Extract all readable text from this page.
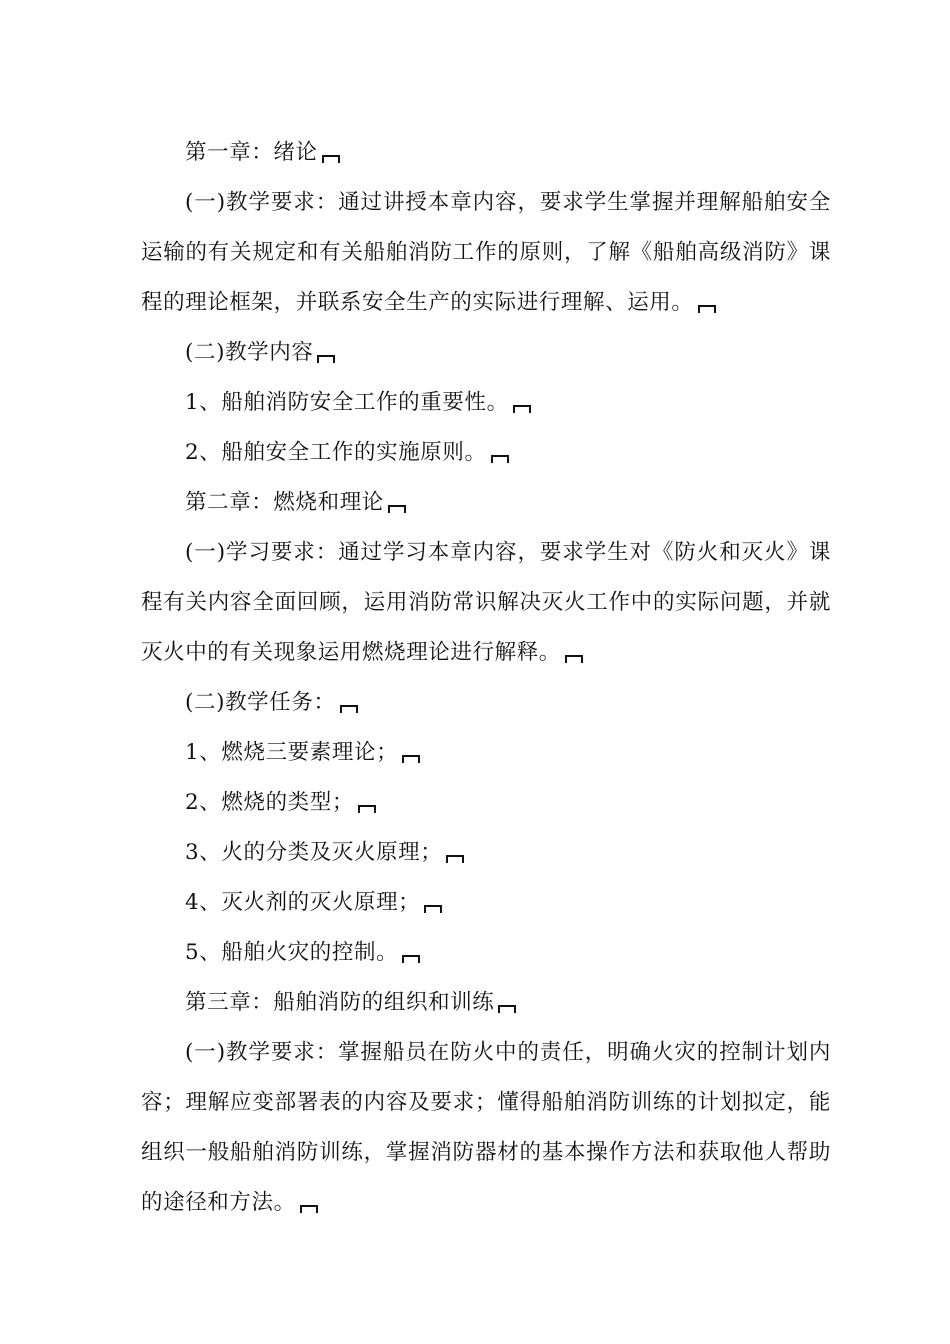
第一章：绪论

(一)教学要求：通过讲授本章内容，要求学生掌握并理解船舶安全运输的有关规定和有关船舶消防工作的原则，了解《船舶高级消防》课程的理论框架，并联系安全生产的实际进行理解、运用。

(二)教学内容

1、船舶消防安全工作的重要性。

2、船舶安全工作的实施原则。

第二章：燃烧和理论

(一)学习要求：通过学习本章内容，要求学生对《防火和灭火》课程有关内容全面回顾，运用消防常识解决灭火工作中的实际问题，并就灭火中的有关现象运用燃烧理论进行解释。

(二)教学任务：

1、燃烧三要素理论；

2、燃烧的类型；

3、火的分类及灭火原理；

4、灭火剂的灭火原理；

5、船舶火灾的控制。

第三章：船舶消防的组织和训练

(一)教学要求：掌握船员在防火中的责任，明确火灾的控制计划内容；理解应变部署表的内容及要求；懂得船舶消防训练的计划拟定，能组织一般船舶消防训练，掌握消防器材的基本操作方法和获取他人帮助的途径和方法。
